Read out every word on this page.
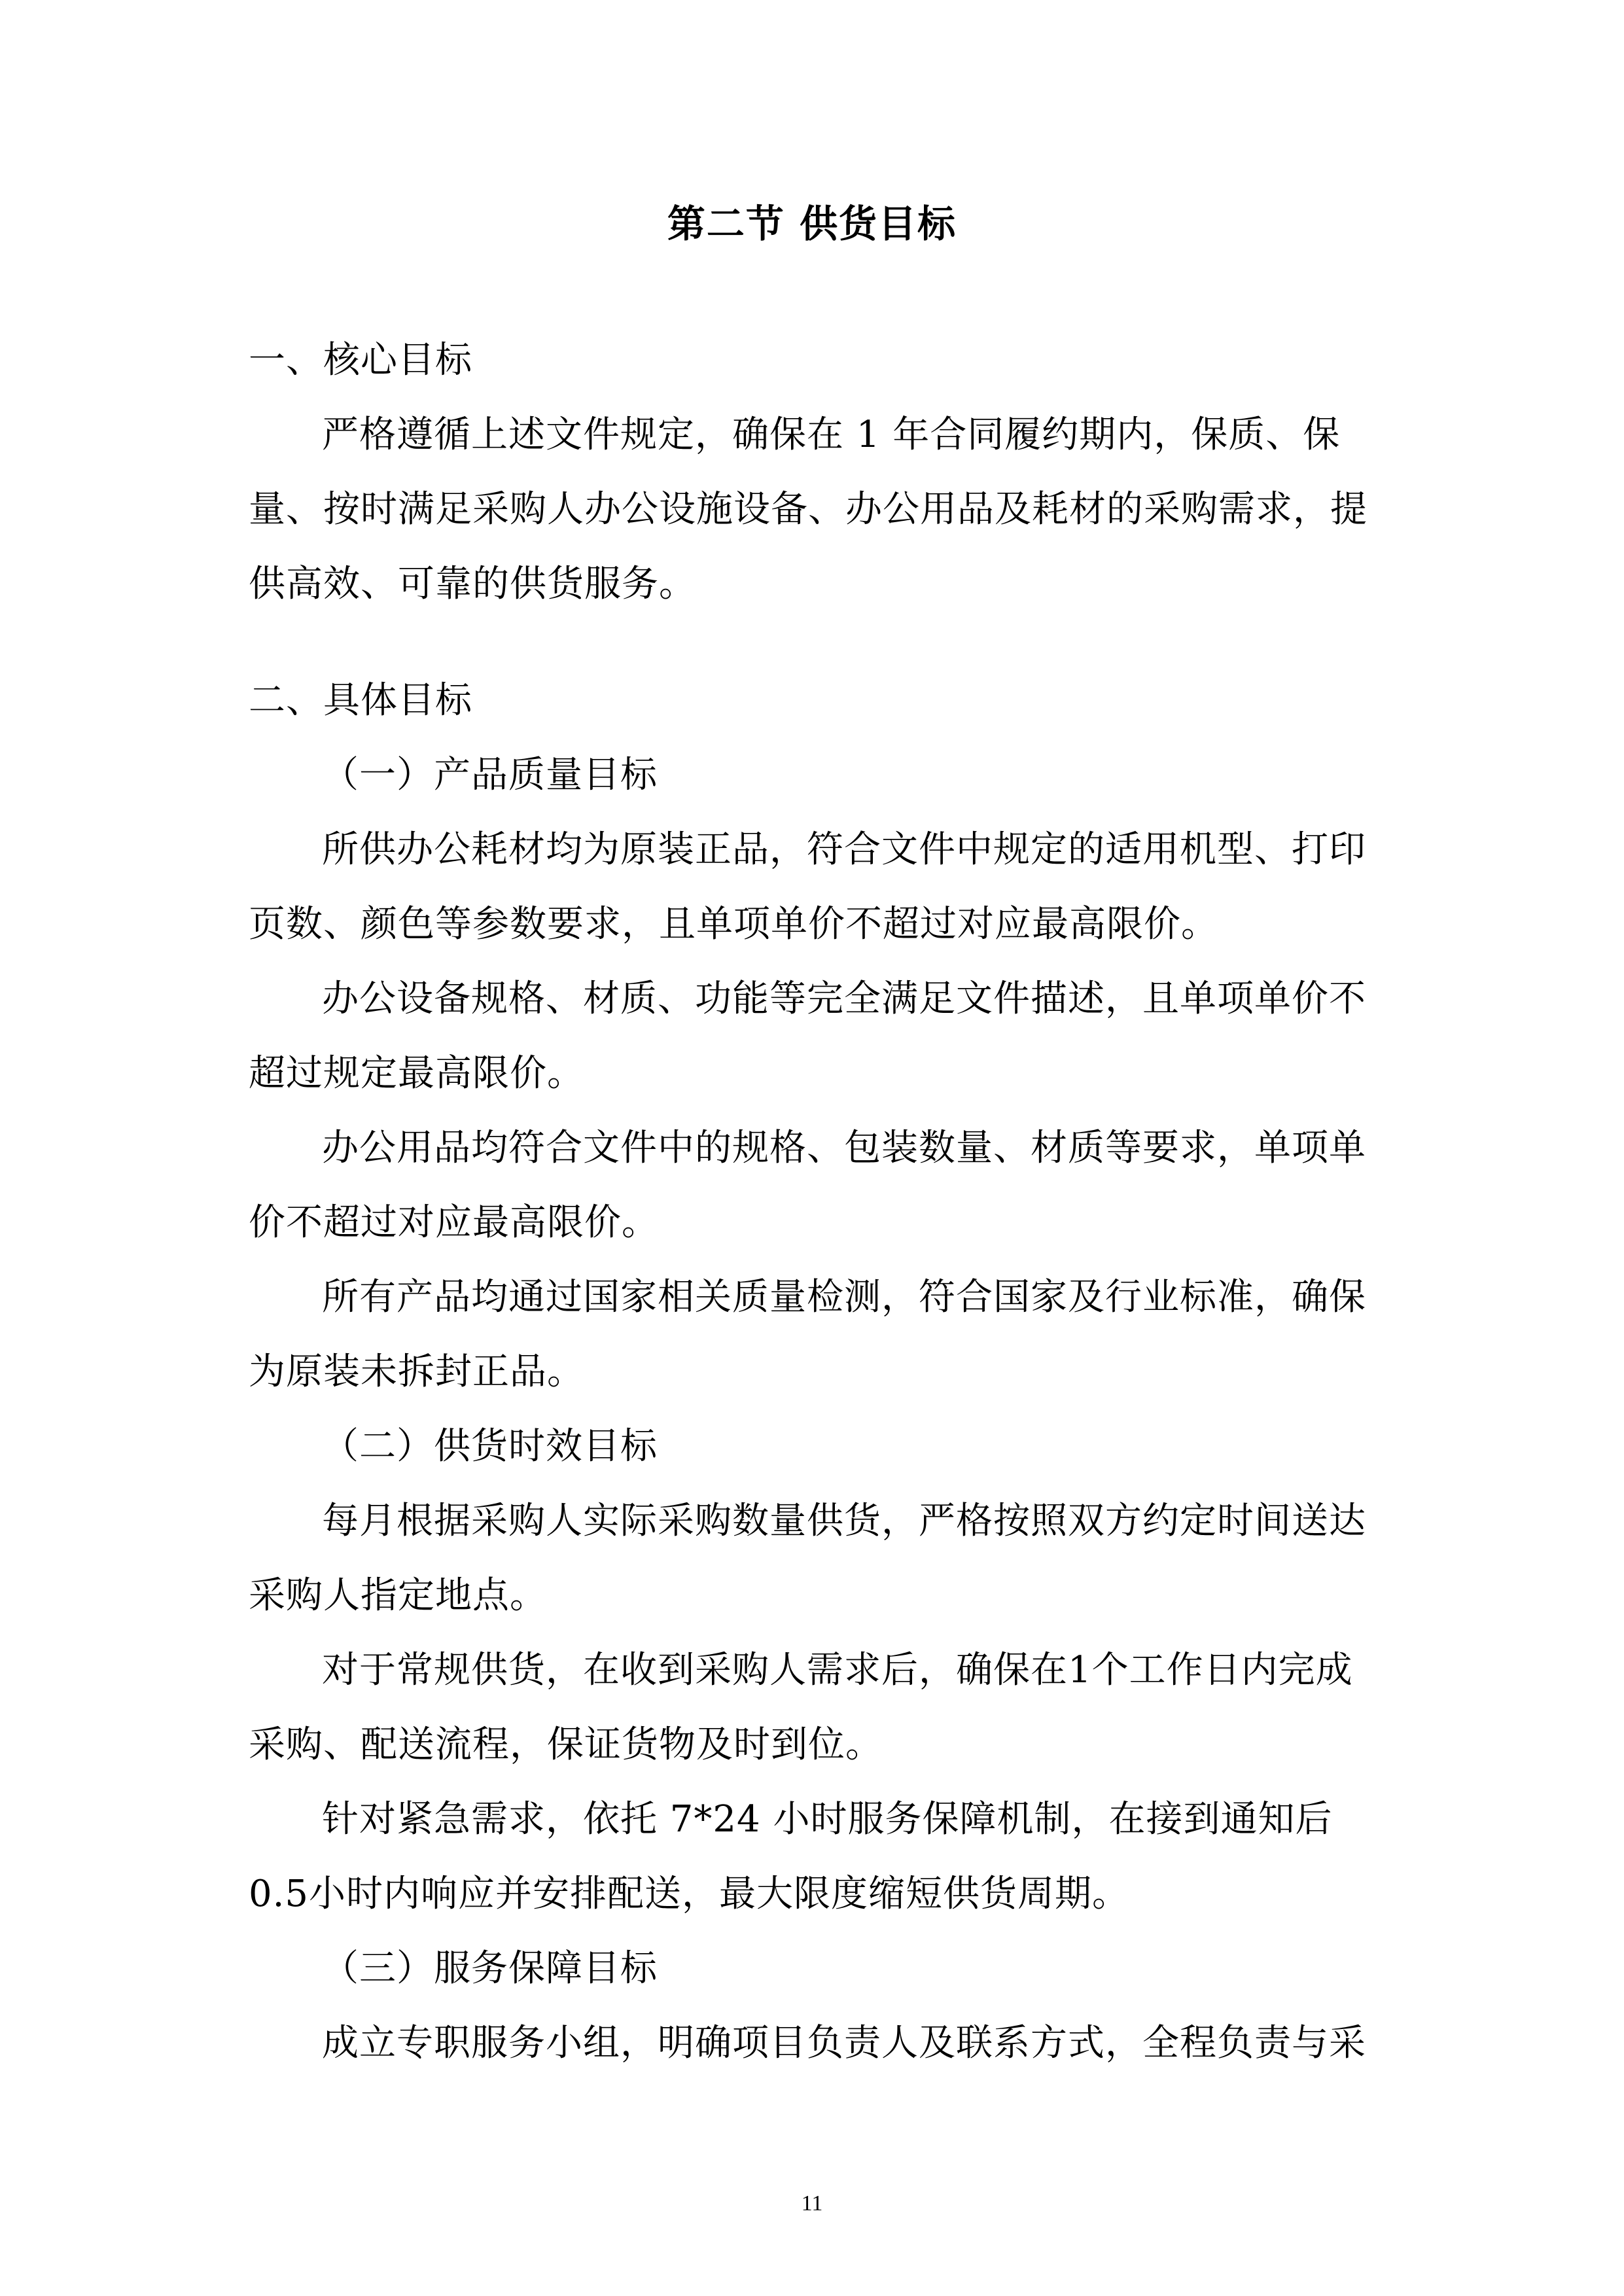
第二节 供货目标

一、核心目标

严格遵循上述文件规定，确保在 1 年合同履约期内，保质、保量、按时满足采购人办公设施设备、办公用品及耗材的采购需求，提供高效、可靠的供货服务。

二、具体目标

（一）产品质量目标

所供办公耗材均为原装正品，符合文件中规定的适用机型、打印页数、颜色等参数要求，且单项单价不超过对应最高限价。

办公设备规格、材质、功能等完全满足文件描述，且单项单价不超过规定最高限价。

办公用品均符合文件中的规格、包装数量、材质等要求，单项单价不超过对应最高限价。

所有产品均通过国家相关质量检测，符合国家及行业标准，确保为原装未拆封正品。

（二）供货时效目标

每月根据采购人实际采购数量供货，严格按照双方约定时间送达采购人指定地点。

对于常规供货，在收到采购人需求后，确保在1个工作日内完成采购、配送流程，保证货物及时到位。

针对紧急需求，依托 7*24 小时服务保障机制，在接到通知后0.5小时内响应并安排配送，最大限度缩短供货周期。

（三）服务保障目标

成立专职服务小组，明确项目负责人及联系方式，全程负责与采

11
